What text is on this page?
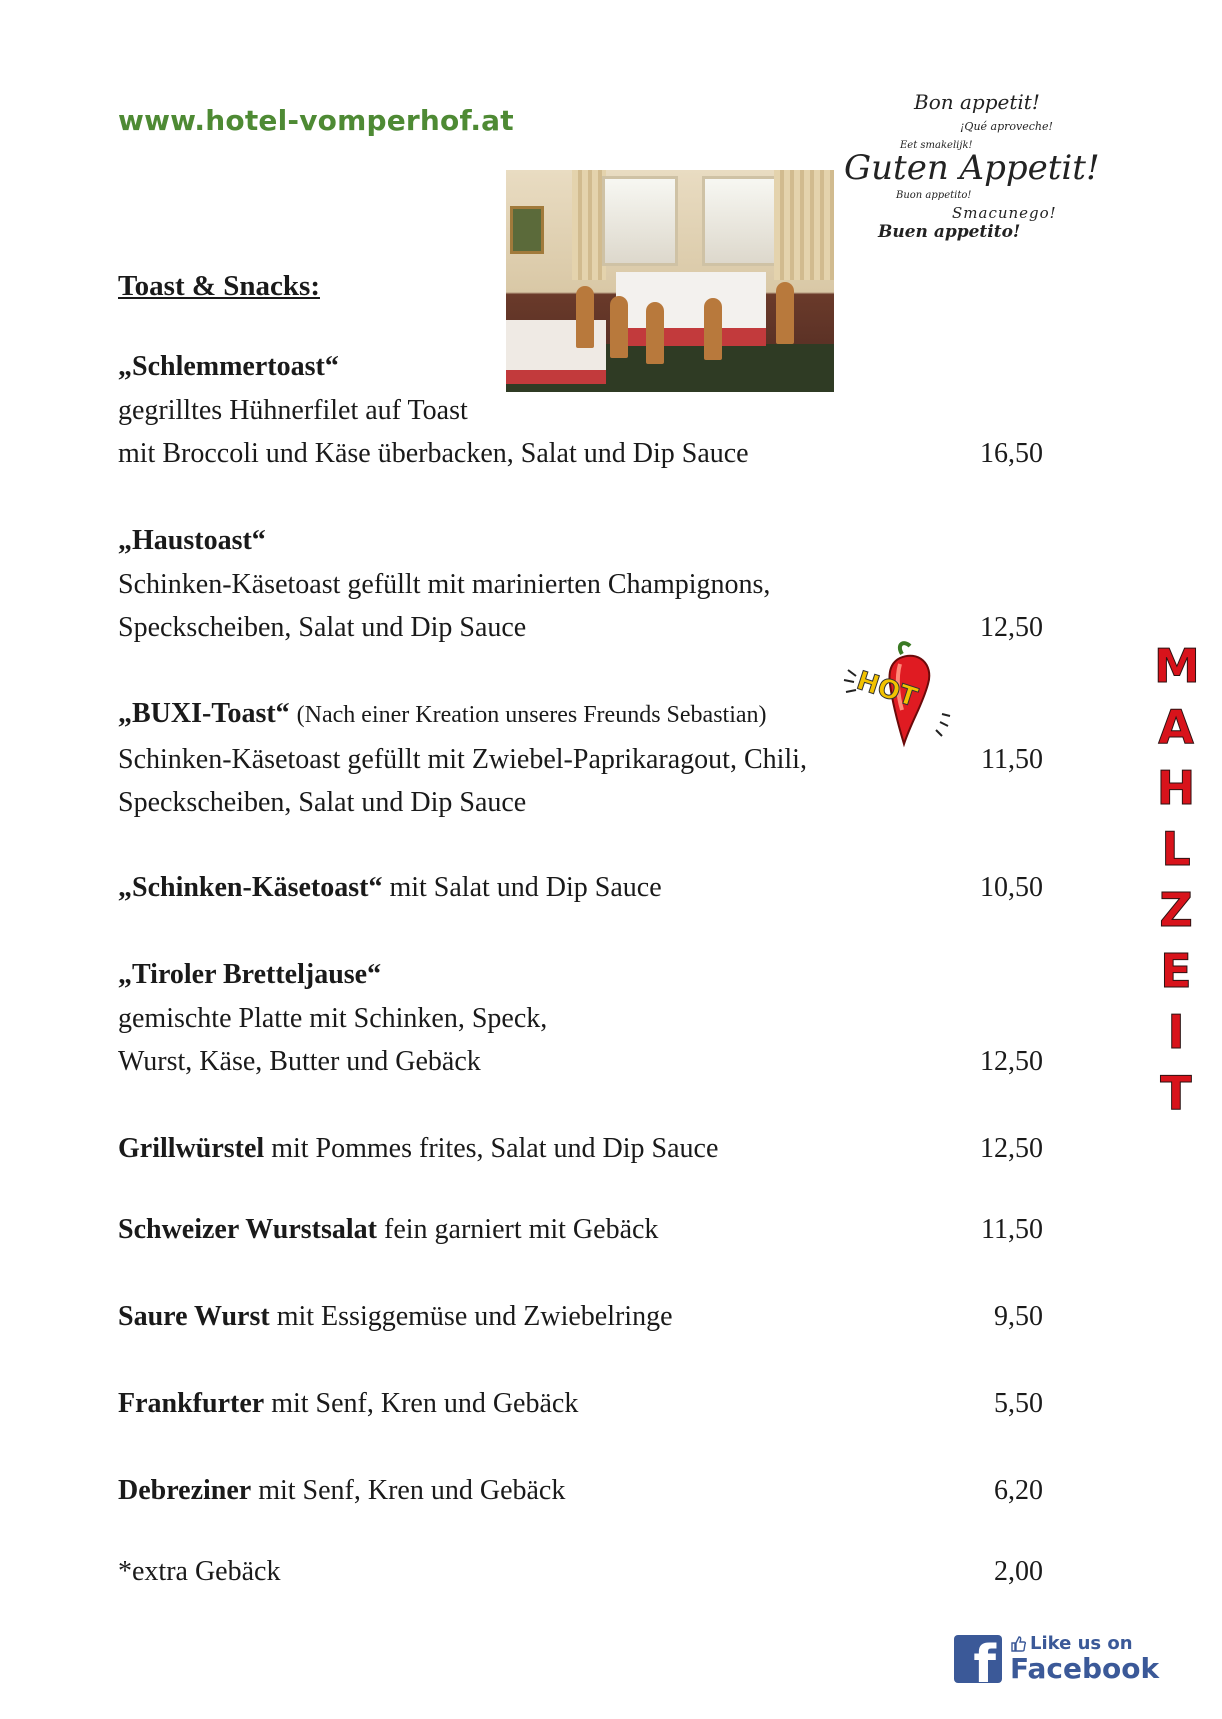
www.hotel-vomperhof.at
Bon appetit!
¡Qué aproveche!
Eet smakelijk!
Guten Appetit!
Buon appetito!
Smacunego!
Buen appetito!
Toast & Snacks:
„Schlemmertoast“
gegrilltes Hühnerfilet auf Toast
mit Broccoli und Käse überbacken, Salat und Dip Sauce	16,50
„Haustoast“
Schinken-Käsetoast gefüllt mit marinierten Champignons,
Speckscheiben, Salat und Dip Sauce	12,50
„BUXI-Toast“ (Nach einer Kreation unseres Freunds Sebastian)
Schinken-Käsetoast gefüllt mit Zwiebel-Paprikaragout, Chili,	11,50
Speckscheiben, Salat und Dip Sauce
HOT
„Schinken-Käsetoast“ mit Salat und Dip Sauce	10,50
„Tiroler Bretteljause“
gemischte Platte mit Schinken, Speck,
Wurst, Käse, Butter und Gebäck	12,50
Grillwürstel mit Pommes frites, Salat und Dip Sauce	12,50
Schweizer Wurstsalat fein garniert mit Gebäck	11,50
Saure Wurst mit Essiggemüse und Zwiebelringe	9,50
Frankfurter mit Senf, Kren und Gebäck	5,50
Debreziner mit Senf, Kren und Gebäck	6,20
*extra Gebäck	2,00
M
A
H
L
Z
E
I
T
f Like us on
Facebook
